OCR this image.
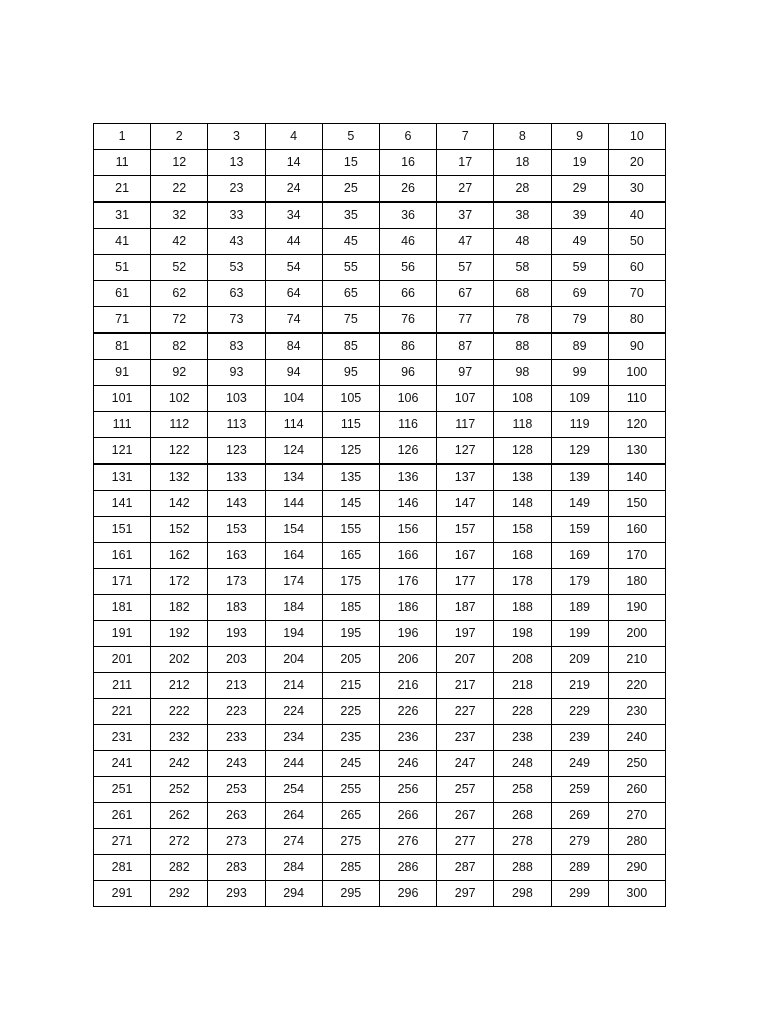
1	2	3	4	5	6	7	8	9	10
11	12	13	14	15	16	17	18	19	20
21	22	23	24	25	26	27	28	29	30
31	32	33	34	35	36	37	38	39	40
41	42	43	44	45	46	47	48	49	50
51	52	53	54	55	56	57	58	59	60
61	62	63	64	65	66	67	68	69	70
71	72	73	74	75	76	77	78	79	80
81	82	83	84	85	86	87	88	89	90
91	92	93	94	95	96	97	98	99	100
101	102	103	104	105	106	107	108	109	110
111	112	113	114	115	116	117	118	119	120
121	122	123	124	125	126	127	128	129	130
131	132	133	134	135	136	137	138	139	140
141	142	143	144	145	146	147	148	149	150
151	152	153	154	155	156	157	158	159	160
161	162	163	164	165	166	167	168	169	170
171	172	173	174	175	176	177	178	179	180
181	182	183	184	185	186	187	188	189	190
191	192	193	194	195	196	197	198	199	200
201	202	203	204	205	206	207	208	209	210
211	212	213	214	215	216	217	218	219	220
221	222	223	224	225	226	227	228	229	230
231	232	233	234	235	236	237	238	239	240
241	242	243	244	245	246	247	248	249	250
251	252	253	254	255	256	257	258	259	260
261	262	263	264	265	266	267	268	269	270
271	272	273	274	275	276	277	278	279	280
281	282	283	284	285	286	287	288	289	290
291	292	293	294	295	296	297	298	299	300
